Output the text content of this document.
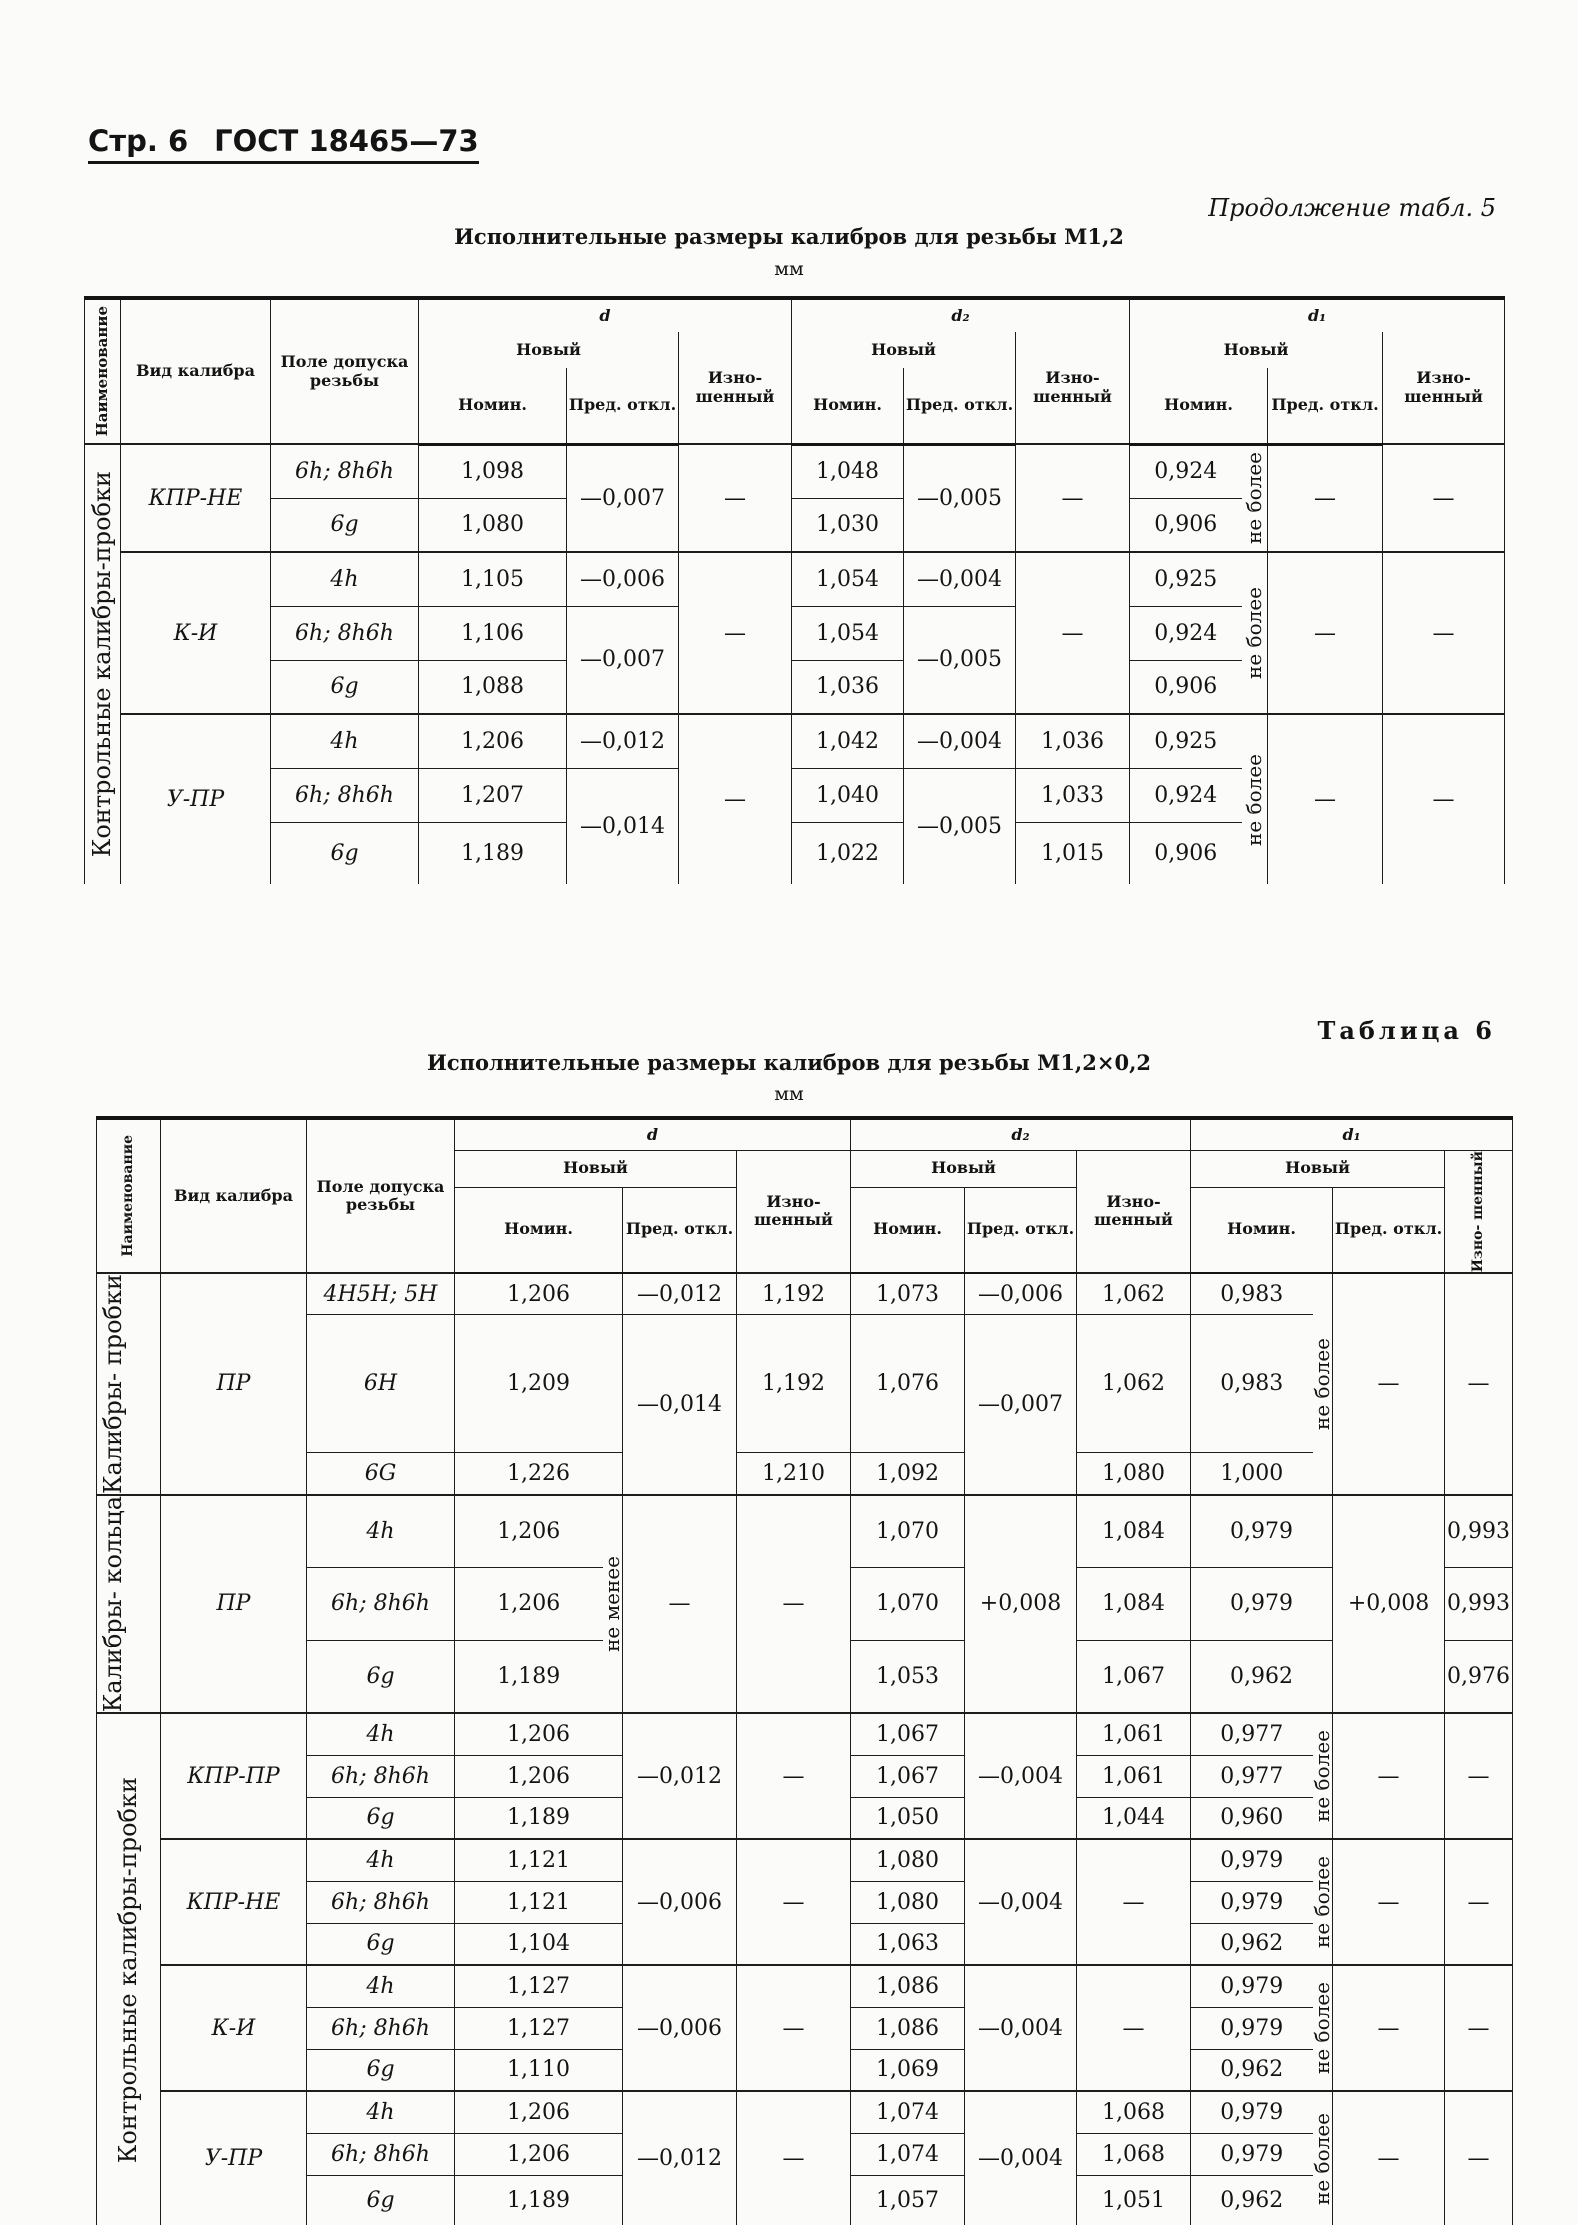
Стр. 6 ГОСТ 18465—73
Продолжение табл. 5
Исполнительные размеры калибров для резьбы М1,2
мм
Наименование	Вид калибра	Поле допуска резьбы	d			d₂			d₁			
			Новый		Изно- шенный	Новый		Изно- шенный	Новый			Изно- шенный
			Номин.	Пред. откл.		Номин.	Пред. откл.		Номин.		Пред. откл.	

Контрольные калибры-пробки	КПР-НЕ	6h; 8h6h	1,098	—0,007	—	1,048	—0,005	—	0,924	не более	—	—
		6g	1,080			1,030			0,906			
	К-И	4h	1,105	—0,006	—	1,054	—0,004	—	0,925	не более	—	—
		6h; 8h6h	1,106	—0,007		1,054	—0,005		0,924			
		6g	1,088			1,036			0,906			
	У-ПР	4h	1,206	—0,012	—	1,042	—0,004	1,036	0,925	не более	—	—
		6h; 8h6h	1,207	—0,014		1,040	—0,005	1,033	0,924			
		6g	1,189			1,022		1,015	0,906			
Таблица 6
Исполнительные размеры калибров для резьбы М1,2×0,2
мм
Наименование	Вид калибра	Поле допуска резьбы	d				d₂			d₁			
			Новый			Изно- шенный	Новый		Изно- шенный	Новый			Изно- шенный

			Номин.		Пред. откл.		Номин.	Пред. откл.		Номин.		Пред. откл.	

Калибры- пробки	ПР	4H5H; 5H	1,206		—0,012	1,192	1,073	—0,006	1,062	0,983	не более	—	—
		6H	1,209		—0,014	1,192	1,076	—0,007	1,062	0,983			
		6G	1,226			1,210	1,092		1,080	1,000			

Калибры- кольца	ПР	4h	1,206	не менее	—	—	1,070	+0,008	1,084	0,979		+0,008	0,993
		6h; 8h6h	1,206				1,070		1,084	0,979			0,993
		6g	1,189				1,053		1,067	0,962			0,976

Контрольные калибры-пробки	КПР-ПР	4h	1,206		—0,012	—	1,067	—0,004	1,061	0,977	не более	—	—
		6h; 8h6h	1,206				1,067		1,061	0,977			
		6g	1,189				1,050		1,044	0,960			
	КПР-НЕ	4h	1,121		—0,006	—	1,080	—0,004	—	0,979	не более	—	—
		6h; 8h6h	1,121				1,080			0,979			
		6g	1,104				1,063			0,962			
	К-И	4h	1,127		—0,006	—	1,086	—0,004	—	0,979	не более	—	—
		6h; 8h6h	1,127				1,086			0,979			
		6g	1,110				1,069			0,962			
	У-ПР	4h	1,206		—0,012	—	1,074	—0,004	1,068	0,979	не более	—	—
		6h; 8h6h	1,206				1,074		1,068	0,979			
		6g	1,189				1,057		1,051	0,962			
